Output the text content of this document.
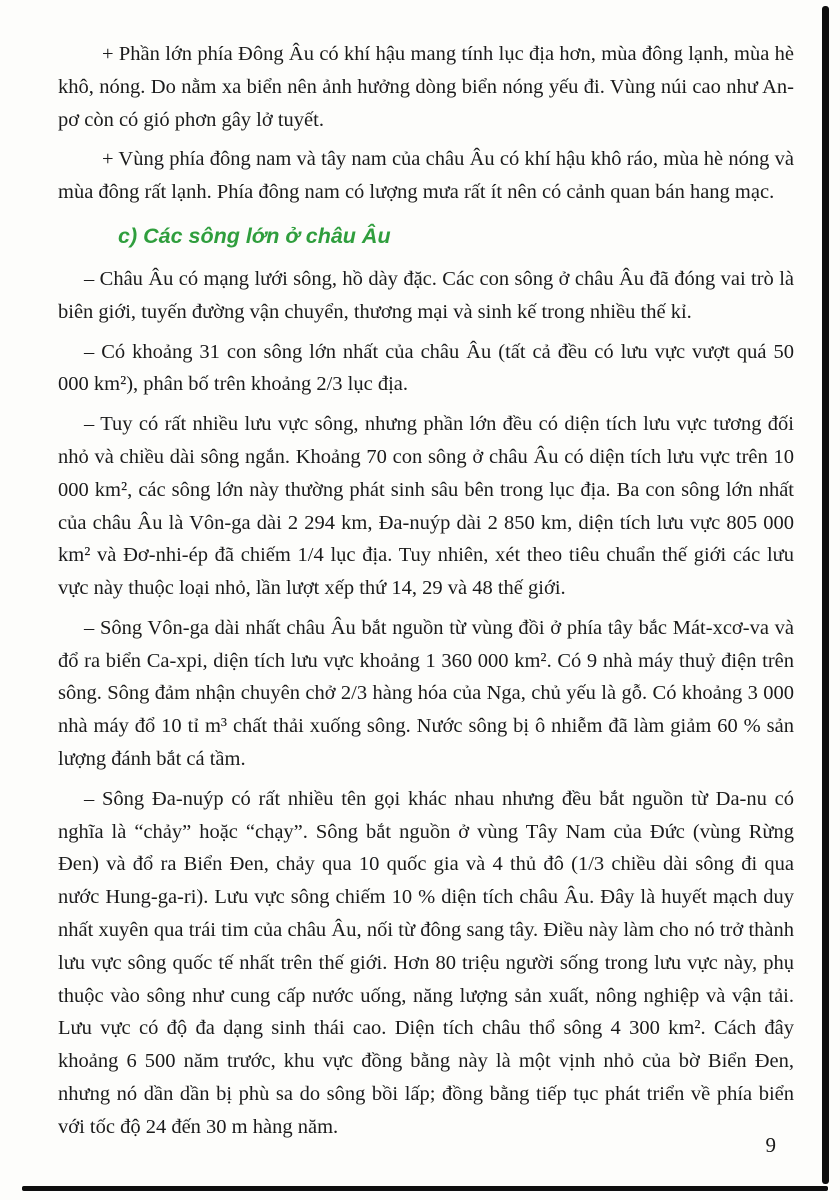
+ Phần lớn phía Đông Âu có khí hậu mang tính lục địa hơn, mùa đông lạnh, mùa hè khô, nóng. Do nằm xa biển nên ảnh hưởng dòng biển nóng yếu đi. Vùng núi cao như An-pơ còn có gió phơn gây lở tuyết.

+ Vùng phía đông nam và tây nam của châu Âu có khí hậu khô ráo, mùa hè nóng và mùa đông rất lạnh. Phía đông nam có lượng mưa rất ít nên có cảnh quan bán hang mạc.

c) Các sông lớn ở châu Âu

– Châu Âu có mạng lưới sông, hồ dày đặc. Các con sông ở châu Âu đã đóng vai trò là biên giới, tuyến đường vận chuyển, thương mại và sinh kế trong nhiều thế kỉ.

– Có khoảng 31 con sông lớn nhất của châu Âu (tất cả đều có lưu vực vượt quá 50 000 km²), phân bố trên khoảng 2/3 lục địa.

– Tuy có rất nhiều lưu vực sông, nhưng phần lớn đều có diện tích lưu vực tương đối nhỏ và chiều dài sông ngắn. Khoảng 70 con sông ở châu Âu có diện tích lưu vực trên 10 000 km², các sông lớn này thường phát sinh sâu bên trong lục địa. Ba con sông lớn nhất của châu Âu là Vôn-ga dài 2 294 km, Đa-nuýp dài 2 850 km, diện tích lưu vực 805 000 km² và Đơ-nhi-ép đã chiếm 1/4 lục địa. Tuy nhiên, xét theo tiêu chuẩn thế giới các lưu vực này thuộc loại nhỏ, lần lượt xếp thứ 14, 29 và 48 thế giới.

– Sông Vôn-ga dài nhất châu Âu bắt nguồn từ vùng đồi ở phía tây bắc Mát-xcơ-va và đổ ra biển Ca-xpi, diện tích lưu vực khoảng 1 360 000 km². Có 9 nhà máy thuỷ điện trên sông. Sông đảm nhận chuyên chở 2/3 hàng hóa của Nga, chủ yếu là gỗ. Có khoảng 3 000 nhà máy đổ 10 tỉ m³ chất thải xuống sông. Nước sông bị ô nhiễm đã làm giảm 60 % sản lượng đánh bắt cá tầm.

– Sông Đa-nuýp có rất nhiều tên gọi khác nhau nhưng đều bắt nguồn từ Da-nu có nghĩa là “chảy” hoặc “chạy”. Sông bắt nguồn ở vùng Tây Nam của Đức (vùng Rừng Đen) và đổ ra Biển Đen, chảy qua 10 quốc gia và 4 thủ đô (1/3 chiều dài sông đi qua nước Hung-ga-ri). Lưu vực sông chiếm 10 % diện tích châu Âu. Đây là huyết mạch duy nhất xuyên qua trái tim của châu Âu, nối từ đông sang tây. Điều này làm cho nó trở thành lưu vực sông quốc tế nhất trên thế giới. Hơn 80 triệu người sống trong lưu vực này, phụ thuộc vào sông như cung cấp nước uống, năng lượng sản xuất, nông nghiệp và vận tải. Lưu vực có độ đa dạng sinh thái cao. Diện tích châu thổ sông 4 300 km². Cách đây khoảng 6 500 năm trước, khu vực đồng bằng này là một vịnh nhỏ của bờ Biển Đen, nhưng nó dần dần bị phù sa do sông bồi lấp; đồng bằng tiếp tục phát triển về phía biển với tốc độ 24 đến 30 m hàng năm.

9
